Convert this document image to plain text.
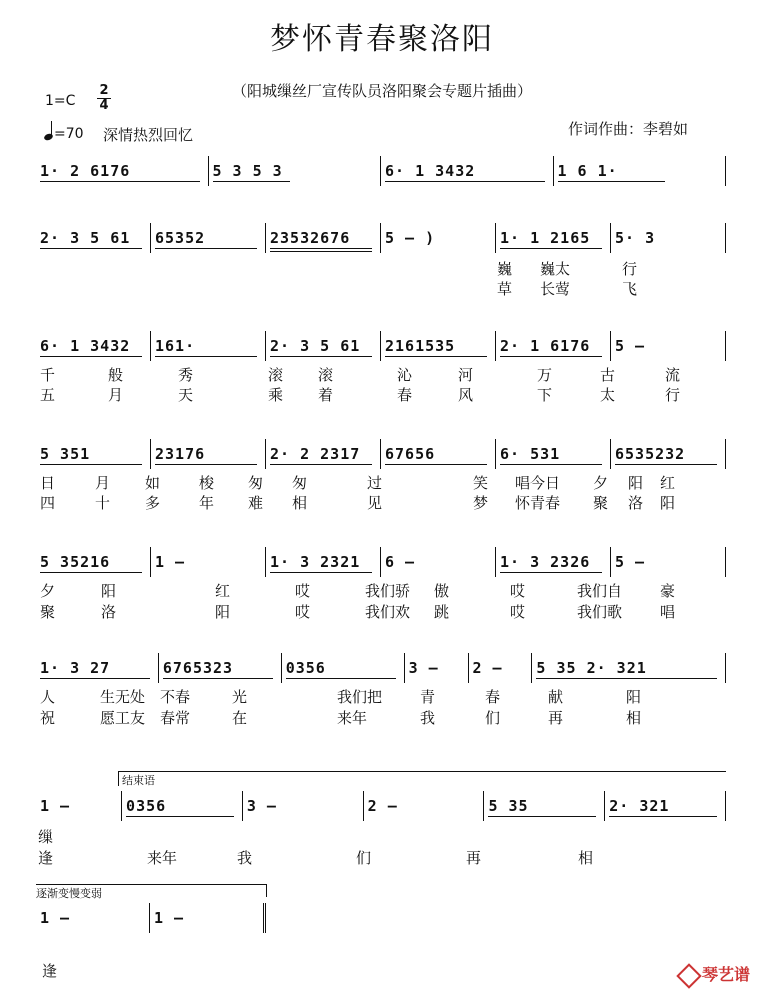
梦怀青春聚洛阳
（阳城缫丝厂宣传队员洛阳聚会专题片插曲）
1=C
2
4
=70 深情热烈回忆	作词作曲：李碧如
1· 2 6176	5 3 5 3	6· 1 3432	1 6 1·
2· 3 5 61	65352	23532676	5 – )	1· 1 2165	5· 3
巍 巍太	行
草 长莺	飞
6· 1 3432	161·	2· 3 5 61	2161535	2· 1 6176	5 –
千	般	秀	滚 滚	沁	河	万	古	流
五	月	天	乘 着	春	风	下	太	行
5 351	23176	2· 2 2317	67656	6· 531	6535232
日	月 如	梭 匆 匆	过	笑 唱今日 夕 阳 红
四	十 多	年 难 相	见	梦 怀青春 聚 洛 阳
5 35216	1 –	1· 3 2321	6 –	1· 3 2326	5 –
夕	阳	红	哎	我们骄 傲	哎	我们自	豪
聚	洛	阳	哎	我们欢 跳	哎	我们歌	唱
1· 3 27	6765323	0356	3 –	2 –	5 35 2· 321
人	生无处 不春	光	我们把	青	春	献	阳
祝	愿工友 春常	在	来年	我	们	再	相
结束语
1 –	0356	3 –	2 –	5 35	2· 321
缫
逢	来年	我	们	再	相
逐渐变慢变弱
1 –	1 –
逢	琴艺谱
